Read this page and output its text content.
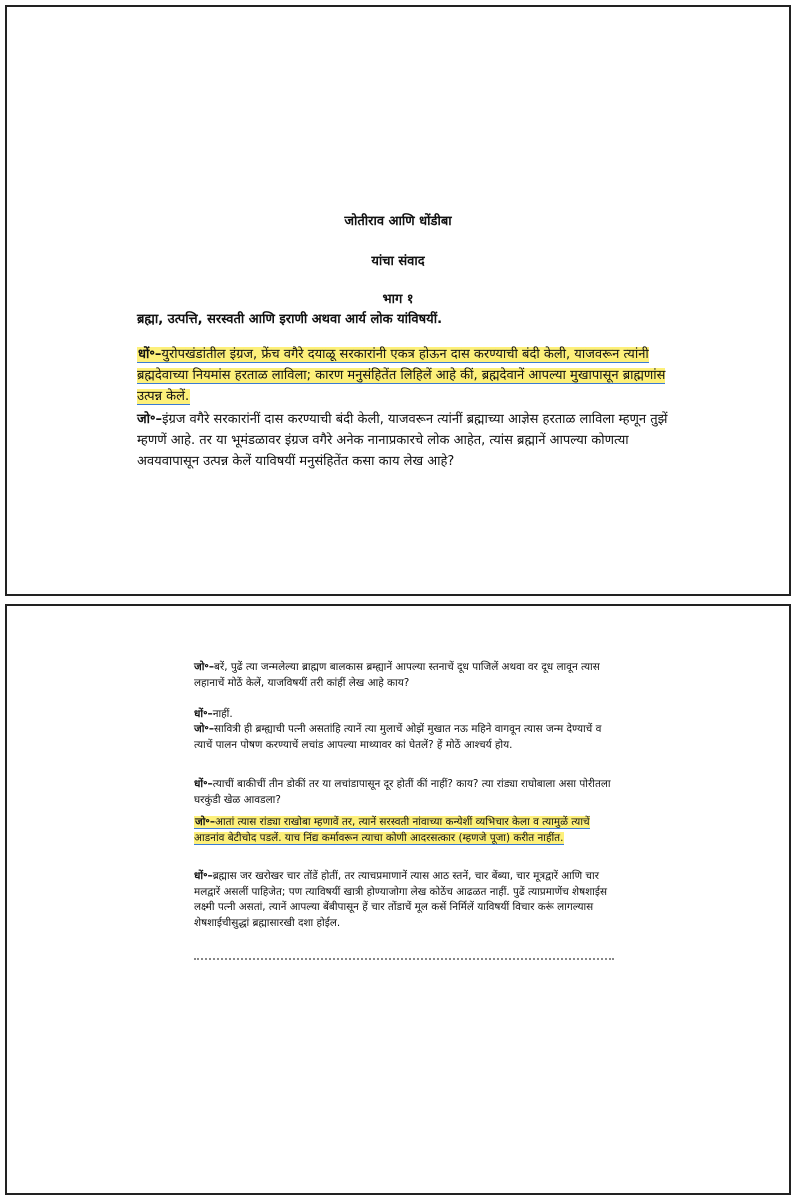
जोतीराव आणि धोंडीबा
यांचा संवाद
भाग १
ब्रह्मा, उत्पत्ति, सरस्वती आणि इराणी अथवा आर्य लोक यांविषयीं.
धों॰–युरोपखंडांतील इंग्रज, फ्रेंच वगैरे दयाळू सरकारांनी एकत्र होऊन दास करण्याची बंदी केली, याजवरून त्यांनी ब्रह्मदेवाच्या नियमांस हरताळ लाविला; कारण मनुसंहितेंत लिहिलें आहे कीं, ब्रह्मदेवानें आपल्या मुखापासून ब्राह्मणांस उत्पन्न केलें.
जो॰–इंग्रज वगैरे सरकारांनीं दास करण्याची बंदी केली, याजवरून त्यांनीं ब्रह्माच्या आज्ञेस हरताळ लाविला म्हणून तुझें म्हणणें आहे. तर या भूमंडळावर इंग्रज वगैरे अनेक नानाप्रकारचे लोक आहेत, त्यांस ब्रह्मानें आपल्या कोणत्या अवयवापासून उत्पन्न केलें याविषयीं मनुसंहितेंत कसा काय लेख आहे?
जो॰–बरें, पुढें त्या जन्मलेल्या ब्राह्मण बालकास ब्रम्ह्यानें आपल्या स्तनाचें दूध पाजिलें अथवा वर दूध लावून त्यास लहानाचें मोठें केलें, याजविषयीं तरी कांहीं लेख आहे काय?
धों॰–नाहीं.
जो॰–सावित्री ही ब्रम्ह्याची पत्नी असतांहि त्यानें त्या मुलाचें ओझें मुखात नऊ महिने वागवून त्यास जन्म देण्याचें व त्याचें पालन पोषण करण्याचें लचांड आपल्या माथ्यावर कां घेतलें? हें मोठें आश्चर्य होय.
धों॰–त्याचीं बाकीचीं तीन डोकीं तर या लचांडापासून दूर होतीं कीं नाहीं? काय? त्या रांड्या राघोबाला असा पोरीतला घरकुंडी खेळ आवडला?
जो॰–आतां त्यास रांड्या राखोबा म्हणावें तर, त्यानें सरस्वती नांवाच्या कन्येशीं व्यभिचार केला व त्यामुळें त्याचें आडनांव बेटीचोद पडलें. याच निंद्य कर्मावरून त्याचा कोणी आदरसत्कार (म्हणजे पूजा) करीत नाहींत.
धों॰–ब्रह्मास जर खरोखर चार तोंडें होतीं, तर त्याचप्रमाणानें त्यास आठ स्तनें, चार बेंब्या, चार मूत्रद्वारें आणि चार मलद्वारें असलीं पाहिजेत; पण त्याविषयीं खात्री होण्याजोगा लेख कोठेंच आढळत नाहीं. पुढें त्याप्रमाणेंच शेषशाईस लक्ष्मी पत्नी असतां, त्यानें आपल्या बेंबीपासून हें चार तोंडाचें मूल कसें निर्मिलें याविषयीं विचार करूं लागल्यास शेषशाईचीसुद्धां ब्रह्मासारखी दशा होईल.
